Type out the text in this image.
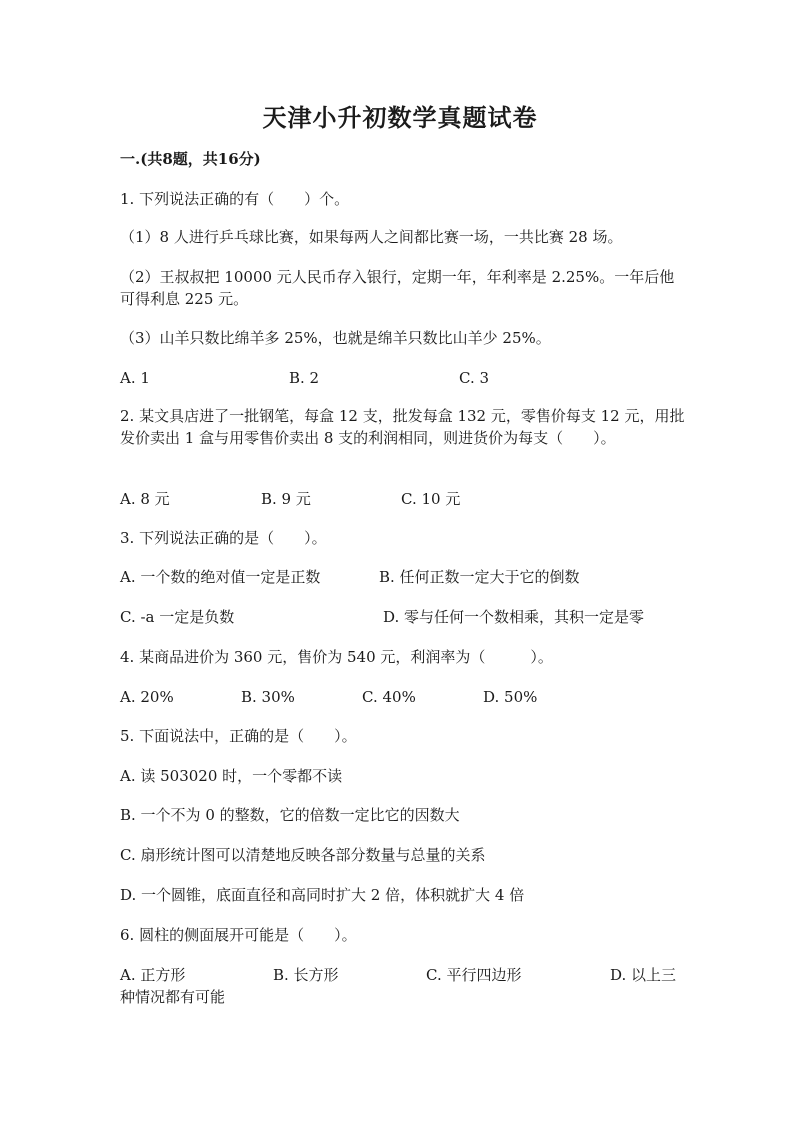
天津小升初数学真题试卷
一.(共8题，共16分)
1. 下列说法正确的有（　　）个。
（1）8 人进行乒乓球比赛，如果每两人之间都比赛一场，一共比赛 28 场。
（2）王叔叔把 10000 元人民币存入银行，定期一年，年利率是 2.25%。一年后他可得利息 225 元。
（3）山羊只数比绵羊多 25%，也就是绵羊只数比山羊少 25%。
A. 1	B. 2	C. 3
2. 某文具店进了一批钢笔，每盒 12 支，批发每盒 132 元，零售价每支 12 元，用批发价卖出 1 盒与用零售价卖出 8 支的利润相同，则进货价为每支（　　）。
A. 8 元	B. 9 元	C. 10 元
3. 下列说法正确的是（　　）。
A. 一个数的绝对值一定是正数	B. 任何正数一定大于它的倒数
C. -a 一定是负数	D. 零与任何一个数相乘，其积一定是零
4. 某商品进价为 360 元，售价为 540 元，利润率为（　　　）。
A. 20%	B. 30%	C. 40%	D. 50%
5. 下面说法中，正确的是（　　）。
A. 读 503020 时，一个零都不读
B. 一个不为 0 的整数，它的倍数一定比它的因数大
C. 扇形统计图可以清楚地反映各部分数量与总量的关系
D. 一个圆锥，底面直径和高同时扩大 2 倍，体积就扩大 4 倍
6. 圆柱的侧面展开可能是（　　）。
A. 正方形	B. 长方形	C. 平行四边形	D. 以上三
种情况都有可能
